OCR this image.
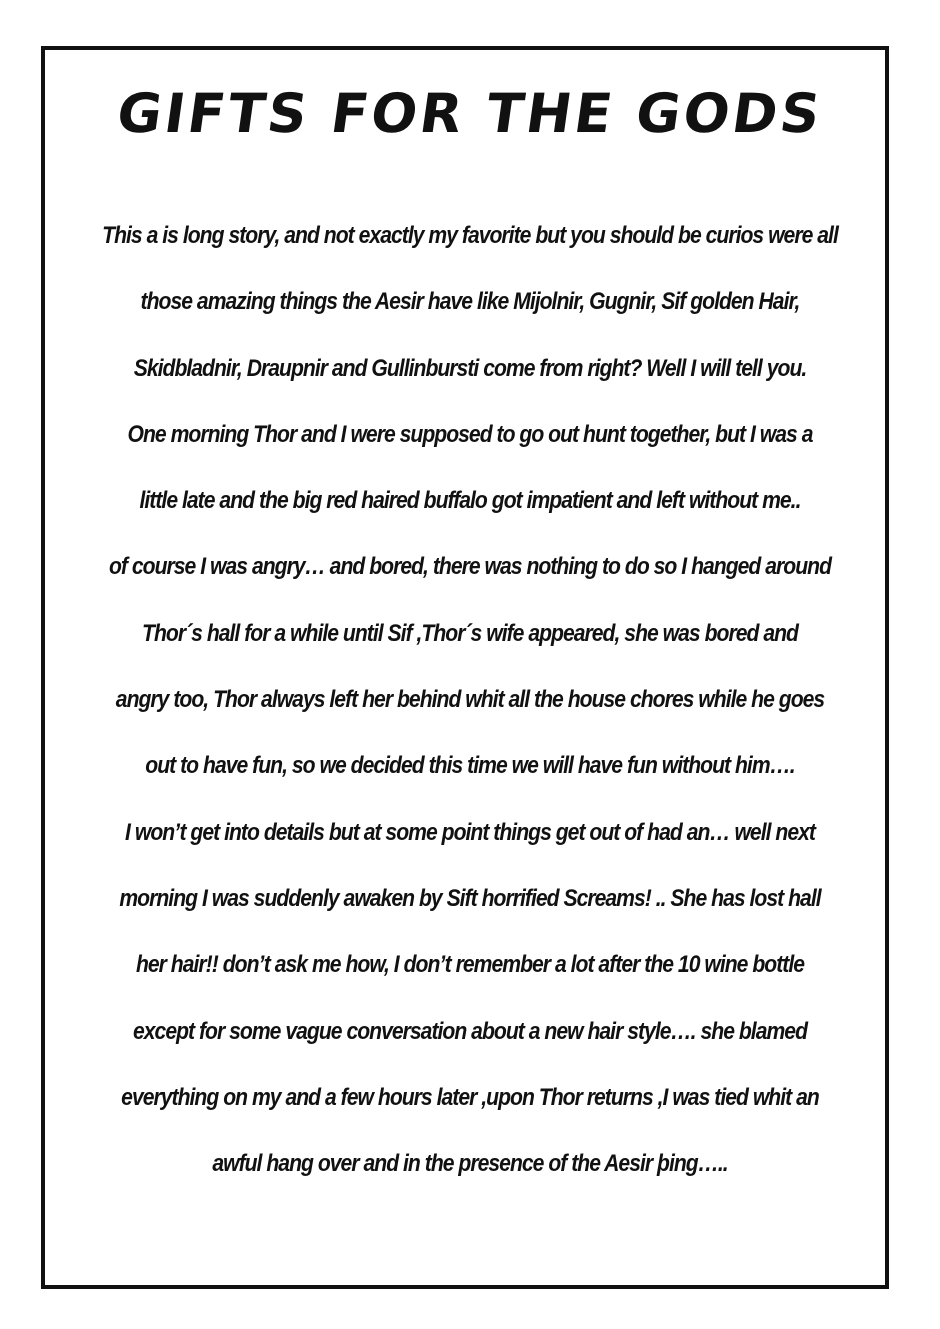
GIFTS FOR THE GODS
This a is long story, and not exactly my favorite but you should be curios were all
those amazing things the Aesir have like Mijolnir, Gugnir, Sif golden Hair,
Skidbladnir, Draupnir and Gullinbursti come from right? Well I will tell you.
One morning Thor and I were supposed to go out hunt together, but I was a
little late and the big red haired buffalo got impatient and left without me..
of course I was angry… and bored, there was nothing to do so I hanged around
Thor´s hall for a while until Sif ,Thor´s wife appeared, she was bored and
angry too, Thor always left her behind whit all the house chores while he goes
out to have fun, so we decided this time we will have fun without him….
I won’t get into details but at some point things get out of had an… well next
morning I was suddenly awaken by Sift horrified Screams! .. She has lost hall
her hair!! don’t ask me how, I don’t remember a lot after the 10 wine bottle
except for some vague conversation about a new hair style…. she blamed
everything on my and a few hours later ,upon Thor returns ,I was tied whit an
awful hang over and in the presence of the Aesir þing…..
